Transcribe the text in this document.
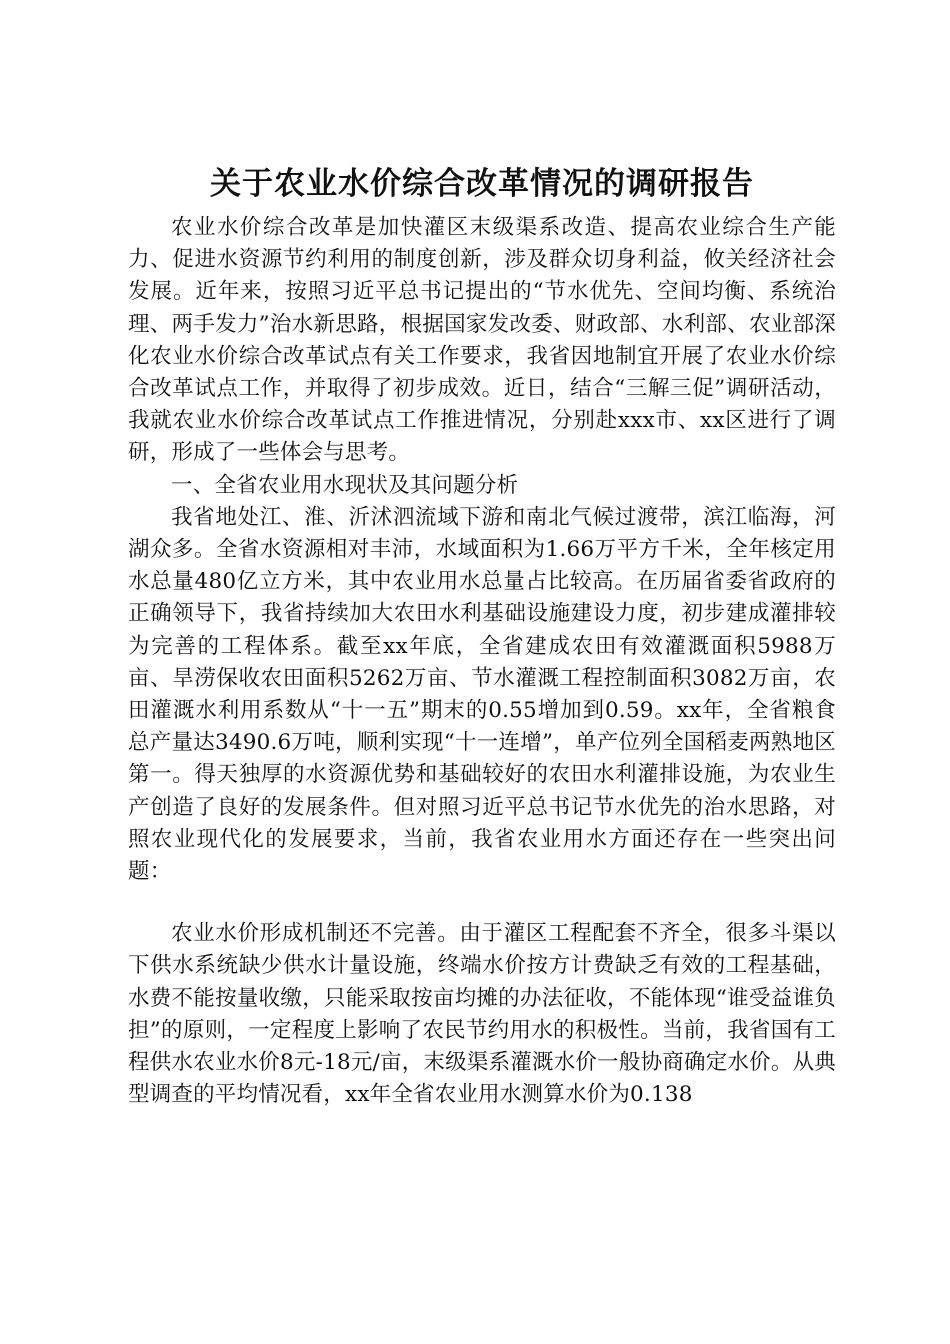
关于农业水价综合改革情况的调研报告

农业水价综合改革是加快灌区末级渠系改造、提高农业综合生产能力、促进水资源节约利用的制度创新，涉及群众切身利益，攸关经济社会发展。近年来，按照习近平总书记提出的“节水优先、空间均衡、系统治理、两手发力”治水新思路，根据国家发改委、财政部、水利部、农业部深化农业水价综合改革试点有关工作要求，我省因地制宜开展了农业水价综合改革试点工作，并取得了初步成效。近日，结合“三解三促”调研活动，我就农业水价综合改革试点工作推进情况，分别赴xxx市、xx区进行了调研，形成了一些体会与思考。

一、全省农业用水现状及其问题分析

我省地处江、淮、沂沭泗流域下游和南北气候过渡带，滨江临海，河湖众多。全省水资源相对丰沛，水域面积为1.66万平方千米，全年核定用水总量480亿立方米，其中农业用水总量占比较高。在历届省委省政府的正确领导下，我省持续加大农田水利基础设施建设力度，初步建成灌排较为完善的工程体系。截至xx年底，全省建成农田有效灌溉面积5988万亩、旱涝保收农田面积5262万亩、节水灌溉工程控制面积3082万亩，农田灌溉水利用系数从“十一五”期末的0.55增加到0.59。xx年，全省粮食总产量达3490.6万吨，顺利实现“十一连增”，单产位列全国稻麦两熟地区第一。得天独厚的水资源优势和基础较好的农田水利灌排设施，为农业生产创造了良好的发展条件。但对照习近平总书记节水优先的治水思路，对照农业现代化的发展要求，当前，我省农业用水方面还存在一些突出问题：

农业水价形成机制还不完善。由于灌区工程配套不齐全，很多斗渠以下供水系统缺少供水计量设施，终端水价按方计费缺乏有效的工程基础，水费不能按量收缴，只能采取按亩均摊的办法征收，不能体现“谁受益谁负担”的原则，一定程度上影响了农民节约用水的积极性。当前，我省国有工程供水农业水价8元-18元/亩，末级渠系灌溉水价一般协商确定水价。从典型调查的平均情况看，xx年全省农业用水测算水价为0.138
